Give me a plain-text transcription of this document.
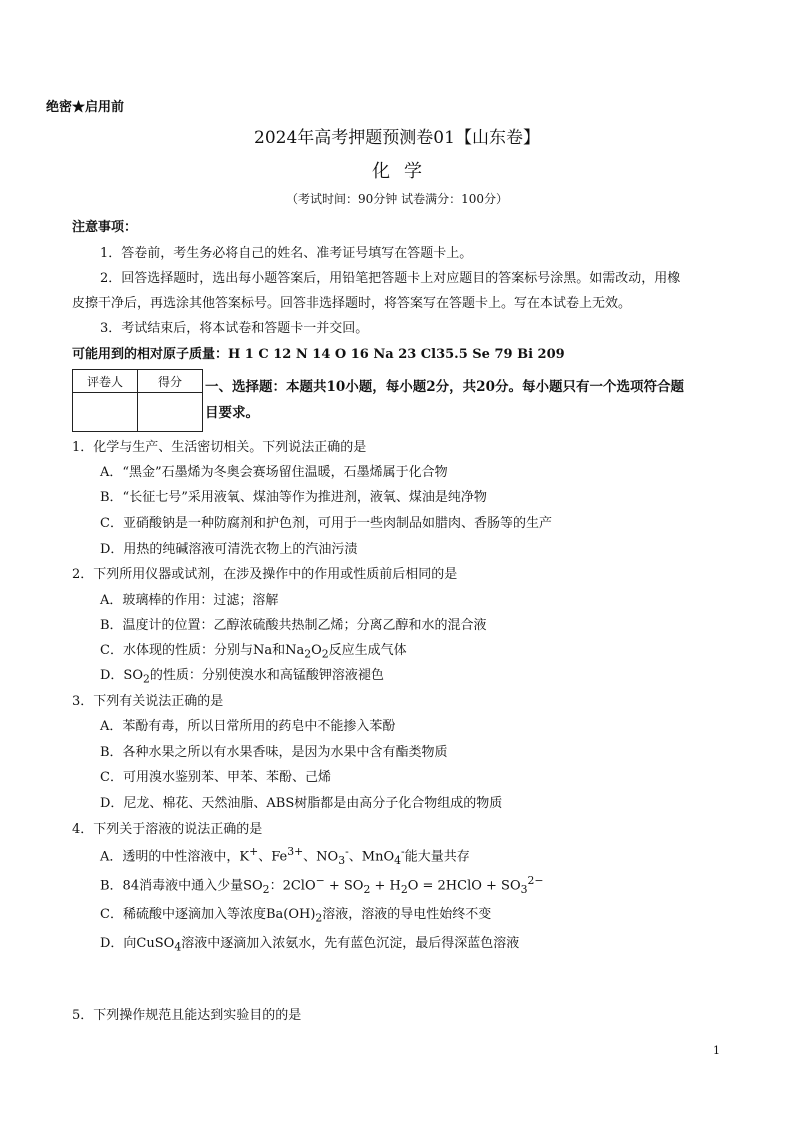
绝密★启用前
2024年高考押题预测卷01【山东卷】
化学
（考试时间：90分钟 试卷满分：100分）
注意事项：
1．答卷前，考生务必将自己的姓名、准考证号填写在答题卡上。
2．回答选择题时，选出每小题答案后，用铅笔把答题卡上对应题目的答案标号涂黑。如需改动，用橡
皮擦干净后，再选涂其他答案标号。回答非选择题时，将答案写在答题卡上。写在本试卷上无效。
3．考试结束后，将本试卷和答题卡一并交回。
可能用到的相对原子质量：H 1 C 12 N 14 O 16 Na 23 Cl35.5 Se 79 Bi 209
评卷人	得分
	一、选择题：本题共10小题，每小题2分，共20分。每小题只有一个选项符合题
目要求。
1．化学与生产、生活密切相关。下列说法正确的是
A．“黑金”石墨烯为冬奥会赛场留住温暖，石墨烯属于化合物
B．“长征七号”采用液氧、煤油等作为推进剂，液氧、煤油是纯净物
C．亚硝酸钠是一种防腐剂和护色剂，可用于一些肉制品如腊肉、香肠等的生产
D．用热的纯碱溶液可清洗衣物上的汽油污渍
2．下列所用仪器或试剂，在涉及操作中的作用或性质前后相同的是
A．玻璃棒的作用：过滤；溶解
B．温度计的位置：乙醇浓硫酸共热制乙烯；分离乙醇和水的混合液
C．水体现的性质：分别与Na和$Na_2O_2$反应生成气体
D．$SO_2$的性质：分别使溴水和高锰酸钾溶液褪色
3．下列有关说法正确的是
A．苯酚有毒，所以日常所用的药皂中不能掺入苯酚
B．各种水果之所以有水果香味，是因为水果中含有酯类物质
C．可用溴水鉴别苯、甲苯、苯酚、己烯
D．尼龙、棉花、天然油脂、ABS树脂都是由高分子化合物组成的物质
4．下列关于溶液的说法正确的是
A．透明的中性溶液中，K+、$Fe^{3+}$、$NO_3^-$、MnO$_4$-能大量共存
B．84消毒液中通入少量$SO_2$：$2ClO^- + SO_2 + H_2O$ = 2HClO + $SO_3^{2-}$
C．稀硫酸中逐滴加入等浓度$Ba(OH)_2$溶液，溶液的导电性始终不变
D．向CuSO$_4$溶液中逐滴加入浓氨水，先有蓝色沉淀，最后得深蓝色溶液
5．下列操作规范且能达到实验目的的是
1
